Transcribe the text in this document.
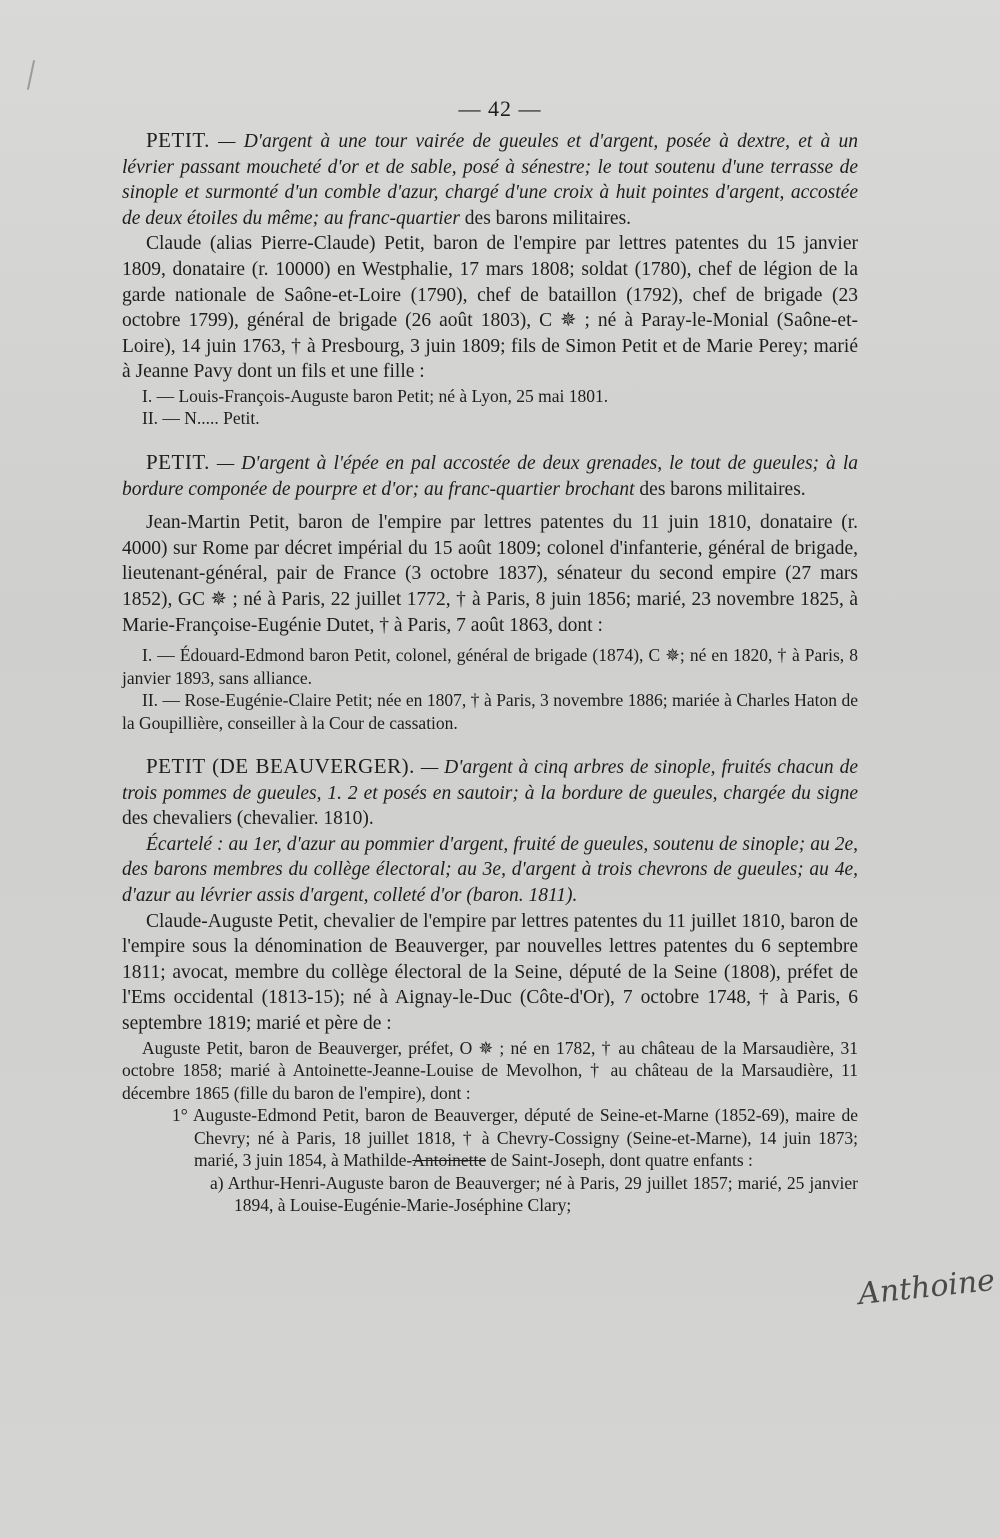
— 42 —

PETIT. — D'argent à une tour vairée de gueules et d'argent, posée à dextre, et à un lévrier passant moucheté d'or et de sable, posé à sénestre; le tout soutenu d'une terrasse de sinople et surmonté d'un comble d'azur, chargé d'une croix à huit pointes d'argent, accostée de deux étoiles du même; au franc-quartier des barons militaires.

Claude (alias Pierre-Claude) Petit, baron de l'empire par lettres patentes du 15 janvier 1809, donataire (r. 10000) en Westphalie, 17 mars 1808; soldat (1780), chef de légion de la garde nationale de Saône-et-Loire (1790), chef de bataillon (1792), chef de brigade (23 octobre 1799), général de brigade (26 août 1803), C ✵ ; né à Paray-le-Monial (Saône-et-Loire), 14 juin 1763, † à Presbourg, 3 juin 1809; fils de Simon Petit et de Marie Perey; marié à Jeanne Pavy dont un fils et une fille :

I. — Louis-François-Auguste baron Petit; né à Lyon, 25 mai 1801.

II. — N..... Petit.

PETIT. — D'argent à l'épée en pal accostée de deux grenades, le tout de gueules; à la bordure componée de pourpre et d'or; au franc-quartier brochant des barons militaires.

Jean-Martin Petit, baron de l'empire par lettres patentes du 11 juin 1810, donataire (r. 4000) sur Rome par décret impérial du 15 août 1809; colonel d'infanterie, général de brigade, lieutenant-général, pair de France (3 octobre 1837), sénateur du second empire (27 mars 1852), GC ✵ ; né à Paris, 22 juillet 1772, † à Paris, 8 juin 1856; marié, 23 novembre 1825, à Marie-Françoise-Eugénie Dutet, † à Paris, 7 août 1863, dont :

I. — Édouard-Edmond baron Petit, colonel, général de brigade (1874), C ✵; né en 1820, † à Paris, 8 janvier 1893, sans alliance.

II. — Rose-Eugénie-Claire Petit; née en 1807, † à Paris, 3 novembre 1886; mariée à Charles Haton de la Goupillière, conseiller à la Cour de cassation.

PETIT (DE BEAUVERGER). — D'argent à cinq arbres de sinople, fruités chacun de trois pommes de gueules, 1. 2 et posés en sautoir; à la bordure de gueules, chargée du signe des chevaliers (chevalier. 1810).

Écartelé : au 1er, d'azur au pommier d'argent, fruité de gueules, soutenu de sinople; au 2e, des barons membres du collège électoral; au 3e, d'argent à trois chevrons de gueules; au 4e, d'azur au lévrier assis d'argent, colleté d'or (baron. 1811).

Claude-Auguste Petit, chevalier de l'empire par lettres patentes du 11 juillet 1810, baron de l'empire sous la dénomination de Beauverger, par nouvelles lettres patentes du 6 septembre 1811; avocat, membre du collège électoral de la Seine, député de la Seine (1808), préfet de l'Ems occidental (1813-15); né à Aignay-le-Duc (Côte-d'Or), 7 octobre 1748, † à Paris, 6 septembre 1819; marié et père de :

Auguste Petit, baron de Beauverger, préfet, O ✵ ; né en 1782, † au château de la Marsaudière, 31 octobre 1858; marié à Antoinette-Jeanne-Louise de Mevolhon, † au château de la Marsaudière, 11 décembre 1865 (fille du baron de l'empire), dont :

1° Auguste-Edmond Petit, baron de Beauverger, député de Seine-et-Marne (1852-69), maire de Chevry; né à Paris, 18 juillet 1818, † à Chevry-Cossigny (Seine-et-Marne), 14 juin 1873; marié, 3 juin 1854, à Mathilde-Antoinette de Saint-Joseph, dont quatre enfants :

a) Arthur-Henri-Auguste baron de Beauverger; né à Paris, 29 juillet 1857; marié, 25 janvier 1894, à Louise-Eugénie-Marie-Joséphine Clary;

Anthoine
